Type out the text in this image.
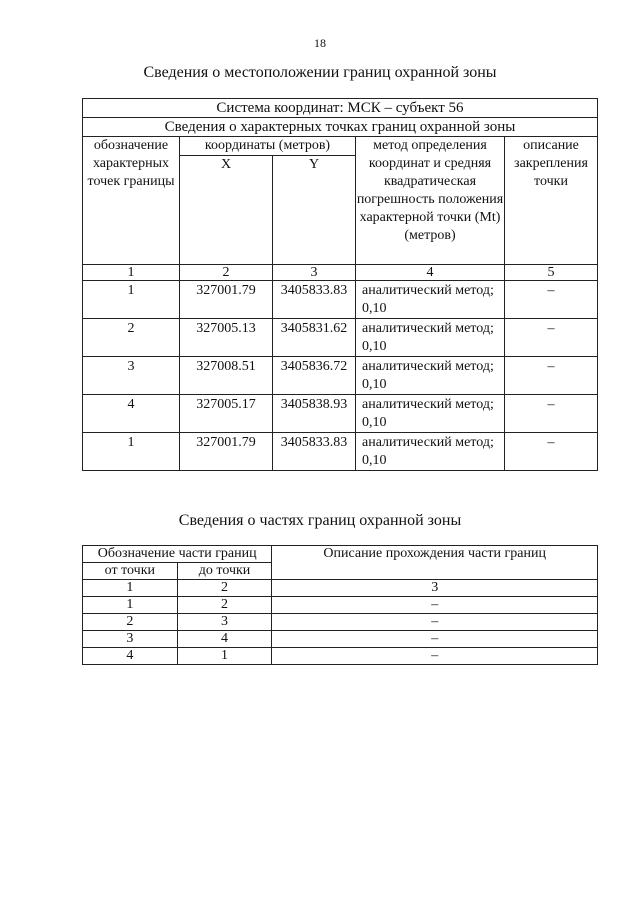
18
Сведения о местоположении границ охранной зоны
Система координат: МСК – субъект 56				
Сведения о характерных точках границ охранной зоны				
обозначение характерных точек границы	координаты (метров)		метод определения координат и средняя квадратическая погрешность положения характерной точки (Mt) (метров)	описание закрепления точки
	X	Y		
1	2	3	4	5
1	327001.79	3405833.83	аналитический метод; 0,10	–
2	327005.13	3405831.62	аналитический метод; 0,10	–
3	327008.51	3405836.72	аналитический метод; 0,10	–
4	327005.17	3405838.93	аналитический метод; 0,10	–
1	327001.79	3405833.83	аналитический метод; 0,10	–
Сведения о частях границ охранной зоны
Обозначение части границ		Описание прохождения части границ
от точки	до точки	
1	2	3
1	2	–
2	3	–
3	4	–
4	1	–
